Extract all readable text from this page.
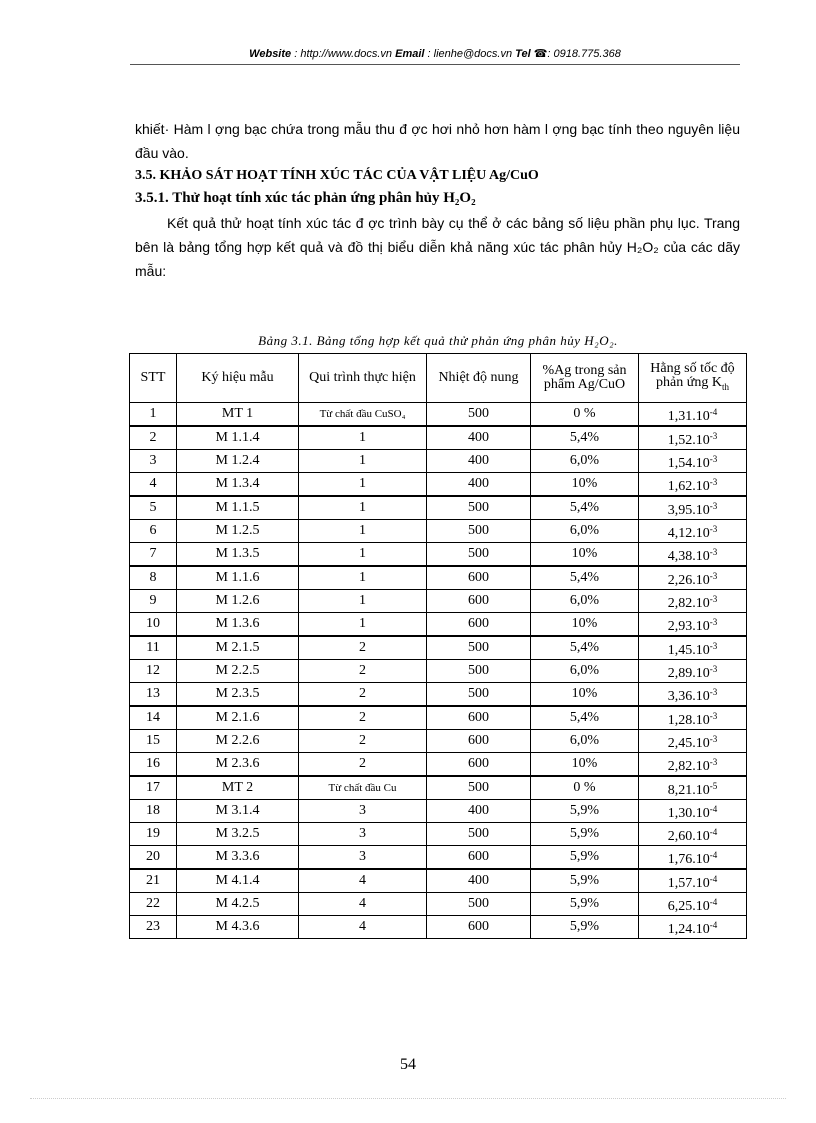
Website : http://www.docs.vn Email : lienhe@docs.vn Tel ☎: 0918.775.368
khiết· Hàm l ợng bạc chứa trong mẫu thu đ ợc hơi nhỏ hơn hàm l ợng bạc tính theo nguyên liệu đầu vào.
3.5. KHẢO SÁT HOẠT TÍNH XÚC TÁC CỦA VẬT LIỆU Ag/CuO
3.5.1. Thử hoạt tính xúc tác phản ứng phân hủy H₂O₂
Kết quả thử hoạt tính xúc tác đ ợc trình bày cụ thể ở các bảng số liệu phần phụ lục. Trang bên là bảng tổng hợp kết quả và đồ thị biểu diễn khả năng xúc tác phân hủy H₂O₂ của các dãy mẫu:
Bảng 3.1. Bảng tổng hợp kết quả thử phản ứng phân hủy H₂O₂.
STT	Ký hiệu mẫu	Qui trình thực hiện	Nhiệt độ nung	%Ag trong sản phẩm Ag/CuO	Hằng số tốc độ phản ứng $K_{th}$
1	MT 1	Từ chất đầu CuSO₄	500	0 %	$1,31.10^{-4}$
2	M 1.1.4	1	400	5,4%	$1,52.10^{-3}$
3	M 1.2.4	1	400	6,0%	$1,54.10^{-3}$
4	M 1.3.4	1	400	10%	$1,62.10^{-3}$
5	M 1.1.5	1	500	5,4%	$3,95.10^{-3}$
6	M 1.2.5	1	500	6,0%	$4,12.10^{-3}$
7	M 1.3.5	1	500	10%	$4,38.10^{-3}$
8	M 1.1.6	1	600	5,4%	$2,26.10^{-3}$
9	M 1.2.6	1	600	6,0%	$2,82.10^{-3}$
10	M 1.3.6	1	600	10%	$2,93.10^{-3}$
11	M 2.1.5	2	500	5,4%	$1,45.10^{-3}$
12	M 2.2.5	2	500	6,0%	$2,89.10^{-3}$
13	M 2.3.5	2	500	10%	$3,36.10^{-3}$
14	M 2.1.6	2	600	5,4%	$1,28.10^{-3}$
15	M 2.2.6	2	600	6,0%	$2,45.10^{-3}$
16	M 2.3.6	2	600	10%	$2,82.10^{-3}$
17	MT 2	Từ chất đầu Cu	500	0 %	$8,21.10^{-5}$
18	M 3.1.4	3	400	5,9%	$1,30.10^{-4}$
19	M 3.2.5	3	500	5,9%	$2,60.10^{-4}$
20	M 3.3.6	3	600	5,9%	$1,76.10^{-4}$
21	M 4.1.4	4	400	5,9%	$1,57.10^{-4}$
22	M 4.2.5	4	500	5,9%	$6,25.10^{-4}$
23	M 4.3.6	4	600	5,9%	$1,24.10^{-4}$
54
